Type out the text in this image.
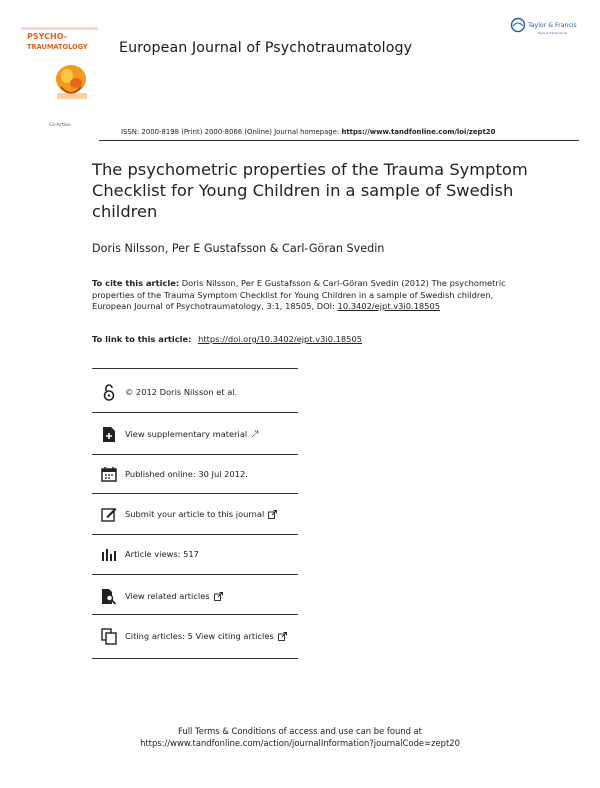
PSYCHO-
TRAUMATOLOGY
Co-Action
European Journal of Psychotraumatology
Taylor & Francis
Taylor & Francis Group
ISSN: 2000-8198 (Print) 2000-8066 (Online) Journal homepage: https://www.tandfonline.com/loi/zept20
The psychometric properties of the Trauma Symptom Checklist for Young Children in a sample of Swedish children
Doris Nilsson, Per E Gustafsson & Carl-Göran Svedin
To cite this article: Doris Nilsson, Per E Gustafsson & Carl-Göran Svedin (2012) The psychometric properties of the Trauma Symptom Checklist for Young Children in a sample of Swedish children, European Journal of Psychotraumatology, 3:1, 18505, DOI: 10.3402/ejpt.v3i0.18505
To link to this article: https://doi.org/10.3402/ejpt.v3i0.18505
© 2012 Doris Nilsson et al.
View supplementary material
Published online: 30 Jul 2012.
Submit your article to this journal
Article views: 517
View related articles
Citing articles: 5 View citing articles
Full Terms & Conditions of access and use can be found at
https://www.tandfonline.com/action/journalInformation?journalCode=zept20
